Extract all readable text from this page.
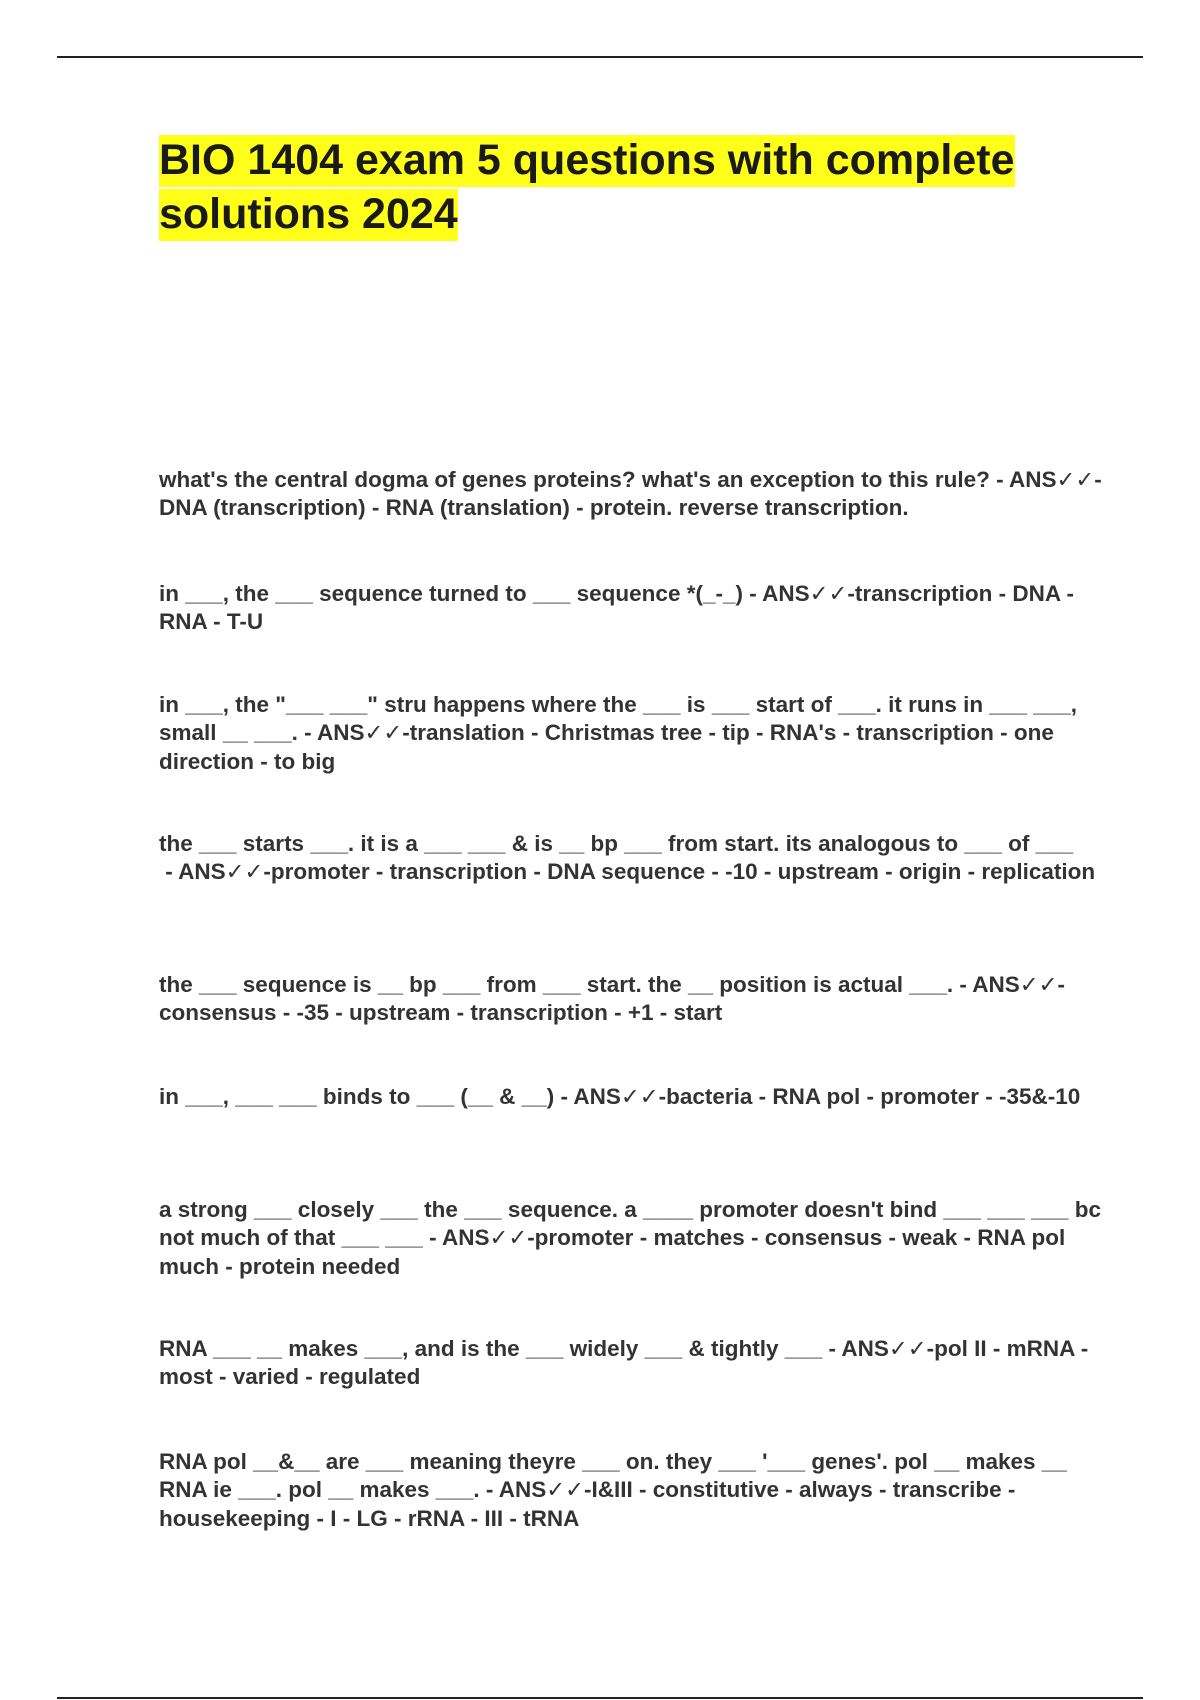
BIO 1404 exam 5 questions with complete solutions 2024

what's the central dogma of genes proteins? what's an exception to this rule? - ANS✓✓-DNA (transcription) - RNA (translation) - protein. reverse transcription.

in ___, the ___ sequence turned to ___ sequence *(_-_) - ANS✓✓-transcription - DNA - RNA - T-U

in ___, the "___ ___" stru happens where the ___ is ___ start of ___. it runs in ___ ___, small __ ___. - ANS✓✓-translation - Christmas tree - tip - RNA's - transcription - one direction - to big

the ___ starts ___. it is a ___ ___ & is __ bp ___ from start. its analogous to ___ of ___ - ANS✓✓-promoter - transcription - DNA sequence - -10 - upstream - origin - replication

the ___ sequence is __ bp ___ from ___ start. the __ position is actual ___. - ANS✓✓-consensus - -35 - upstream - transcription - +1 - start

in ___, ___ ___ binds to ___ (__ & __) - ANS✓✓-bacteria - RNA pol - promoter - -35&-10

a strong ___ closely ___ the ___ sequence. a ____ promoter doesn't bind ___ ___ ___ bc not much of that ___ ___ - ANS✓✓-promoter - matches - consensus - weak - RNA pol much - protein needed

RNA ___ __ makes ___, and is the ___ widely ___ & tightly ___ - ANS✓✓-pol II - mRNA - most - varied - regulated

RNA pol __&__ are ___ meaning theyre ___ on. they ___ '___ genes'. pol __ makes __ RNA ie ___. pol __ makes ___. - ANS✓✓-I&III - constitutive - always - transcribe - housekeeping - I - LG - rRNA - III - tRNA
